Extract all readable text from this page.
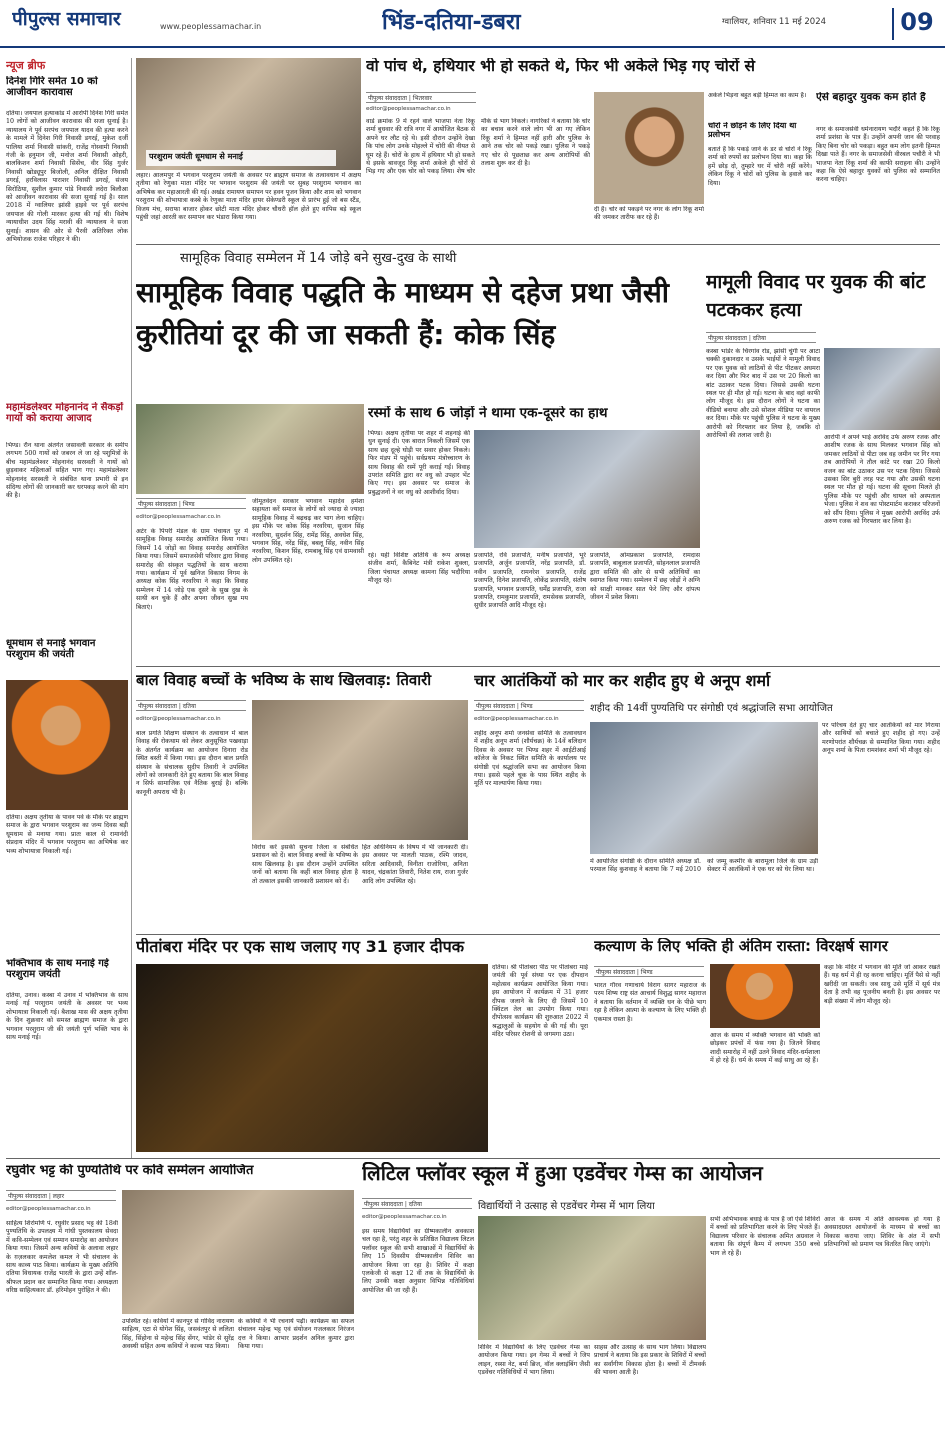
पीपुल्स समाचार	www.peoplessamachar.in	भिंड-दतिया-डबरा	ग्वालियर, शनिवार 11 मई 2024	09
न्यूज ब्रीफ
दिनेश गिरि समेत 10 को आजीवन कारावास
दतिया। जयपाल हत्याकांड में आरोपी दिनेश गिरी समेत 10 लोगों को आजीवन कारावास की सजा सुनाई है। न्यायालय ने पूर्व सरपंच जयपाल यादव की हत्या करने के मामले में दिनेश गिरी निवासी डगरई, मुकेश दर्जी पालिया शर्मा निवासी सांकरी, राजेंद्र गोस्वामी निवासी गंजी के हनुमान जी, मनोज शर्मा निवासी ओहरी, बालकिशन शर्मा निवासी सिसेंच, वीर सिंह गुर्जर निवासी खोड्यूपुर बिजोली, अनिल दीक्षित निवासी डगरई, हरविलास पाराशर निवासी डगरई, संजय सिरोठिया, सुशील कुमार पांडे निवासी लदेरा बिलौआ को आजीवन कारावास की सजा सुनाई गई है। साल 2018 में ग्वालियर झांसी हाइवे पर पूर्व सरपंच जयपाल की गोली मारकर हत्या की गई थी। विशेष न्यायाधीश उदय सिंह मरावी की न्यायालय ने सजा सुनाई। शासन की ओर से पैरवी अतिरिक्त लोक अभियोजक राजेश परिहार ने की।
महामंडलेश्वर मोहनानंद ने सैकड़ों गायों को कराया आजाद
भिण्ड। रौन थाना अंतर्गत जसावली सरकार के समीप लगभग 500 गायों को जबरन ले जा रहे पशुमित्रों के बीच महामंडलेश्वर मोहनानंद सरस्वती ने गायों को छुड़वाकर महिलाओं सहित भाग गए। महामंडलेश्वर मोहनानंद सरस्वती ने संबंधित थाना प्रभारी से इन संदिग्ध लोगों की जानकारी कर धरपकड़ करने की मांग की है।
धूमधाम से मनाई भगवान परशुराम की जयंती
दतिया। अक्षय तृतीया के पावन पर्व के मौके पर ब्राह्मण समाज के द्वारा भगवान परशुराम का जन्म दिवस बड़ी धूमधाम से मनाया गया। प्रातः काल से रामानंदी संप्रदाय मंदिर में भगवान परशुराम का अभिषेक कर भव्य शोभायात्रा निकाली गई।
भक्तिभाव के साथ मनाई गई परशुराम जयंती
दतिया, उनाव। कस्बा में उनाव में भक्तिभाव के साथ मनाई गई परशुराम जयंती के अवसर पर भव्य शोभायात्रा निकाली गई। बैशाख मास की अक्षय तृतीया के दिन शुक्रवार को समस्त ब्राह्मण समाज के द्वारा भगवान परशुराम जी की जयंती पूर्ण भक्ति भाव के साथ मनाई गई।
परशुराम जयंती धूमधाम से मनाई
लहार। आलमपुर में भगवान परशुराम जयंती के अवसर पर ब्राह्मण समाज के तत्वावधान में अक्षय तृतीया को रेणुका माता मंदिर पर भगवान परशुराम की जयंती पर सुबह परशुराम भगवान का अभिषेक कर महाआरती की गई। अखंड रामायण समापन पर हवन पूजन किया और शाम को भगवान परशुराम की शोभायात्रा कस्बे के रेणुका माता मंदिर हायर सेकेण्डरी स्कूल से प्रारंभ हुई जो बस स्टैंड, विजय मंच, सराफा बाजार होकर छोटी माता मंदिर होकर चौधरी हॉल होते हुए वापिस बड़े स्कूल पहुंची जहां आरती कर समापन कर भंडारा किया गया।
वो पांच थे, हथियार भी हो सकते थे, फिर भी अकेले भिड़ गए चोरों से
पीपुल्स संवाददाता | भितरवार
editor@peoplessamachar.co.in
वार्ड क्रमांक 9 में रहने वाले भाजपा नेता रिंकू शर्मा बुधवार की रात्रि नगर में आयोजित बैठक से अपने घर लौट रहे थे। इसी दौरान उन्होंने देखा कि पांच लोग उनके मोहल्ले में चोरी की नीयत से घूम रहे हैं। चोरों के हाथ में हथियार भी हो सकते थे इसके बावजूद रिंकू शर्मा अकेले ही चोरों से भिड़ गए और एक चोर को पकड़ लिया। शेष चोर मौके से भाग निकले। नागरिकों ने बताया कि चोर का बचाव करने वाले लोग भी आ गए लेकिन रिंकू शर्मा ने हिम्मत नहीं हारी और पुलिस के आने तक चोर को पकड़े रखा। पुलिस ने पकड़े गए चोर से पूछताछ कर अन्य आरोपियों की तलाश शुरू कर दी है।
दी है। चोर को पकड़ने पर नगर के लोग रिंकू शर्मा की जमकर तारीफ कर रहे हैं।
अकेले भिड़ना बहुत बड़ी हिम्मत का काम है।
चोरों ने छोड़ने के लिए दिया था प्रलोभन
बताते हैं कि पकड़े जाने के डर से चोरों ने रिंकू शर्मा को रुपयों का प्रलोभन दिया था। कहा कि हमें छोड़ दो, तुम्हारे घर में चोरी नहीं करेंगे। लेकिन रिंकू ने चोरों को पुलिस के हवाले कर दिया।
ऐसे बहादुर युवक कम होते हैं
नगर के समाजसेवी धर्मनारायण भदौरे कहते हैं कि रिंकू शर्मा प्रशंसा के पात्र हैं। उन्होंने अपनी जान की परवाह किए बिना चोर को पकड़ा। बहुत कम लोग इतनी हिम्मत दिखा पाते हैं। नगर के समाजसेवी वीरबल पचौरी ने भी भाजपा नेता रिंकू शर्मा की काफी सराहना की। उन्होंने कहा कि ऐसे बहादुर युवकों को पुलिस को सम्मानित करना चाहिए।
सामूहिक विवाह सम्मेलन में 14 जोड़े बने सुख-दुख के साथी
सामूहिक विवाह पद्धति के माध्यम से दहेज प्रथा जैसी कुरीतियां दूर की जा सकती हैं: कोक सिंह
पीपुल्स संवाददाता | भिण्ड
editor@peoplessamachar.co.in
अटेर के पिपरी मंडल के ग्राम पंचायत पुर में सामूहिक विवाह समारोह आयोजित किया गया। जिसमें 14 जोड़ों का विवाह समारोह आयोजित किया गया। जिसमें समाजसेवी परिवार द्वारा विवाह समारोह की संस्कृत पद्धतियों के साथ कराया गया। कार्यक्रम में पूर्व खनिज विकास निगम के अध्यक्ष कोक सिंह नरवरिया ने कहा कि विवाह सम्मेलन में 14 जोड़े एक दूसरे के सुख दुख के साथी बन चुके हैं और अपना जीवन सुख मय बिताएं।
जीमूतवेदन सरकार भगवान महादेव हमेशा सहायता करें समाज के लोगों को ज्यादा से ज्यादा सामूहिक विवाह में बढ़चढ़ कर भाग लेना चाहिए। इस मौके पर कोक सिंह नरवरिया, सुजान सिंह नरवरिया, सुदर्शन सिंह, रामेंद्र सिंह, अवधेश सिंह, भगवान सिंह, नरेंद्र सिंह, बबलू सिंह, नवीन सिंह नरवरिया, किशन सिंह, रामबाबू सिंह एवं ग्रामवासी लोग उपस्थित रहे।
रस्मों के साथ 6 जोड़ों ने थामा एक-दूसरे का हाथ
भिण्ड। अक्षय तृतीया पर शहर में शहनाई की धुन सुनाई दी। एक बारात निकली जिसमें एक साथ छह दूल्हे घोड़ी पर सवार होकर निकले। फिर मंडप में पहुंचे। सर्वप्रथम मंत्रोच्चारण के साथ विवाह की रस्में पूरी कराई गईं। विवाह उपरांत समिति द्वारा वर वधु को उपहार भेंट किए गए। इस अवसर पर समाज के प्रबुद्धजनों ने वर वधु को आशीर्वाद दिया।
रहे। यहीं विशिष्ट अतिथि के रूप अध्यक्ष संजीव शर्मा, कैबिनेट मंत्री राकेश शुक्ला, जिला पंचायत अध्यक्ष कामना सिंह भदौरिया मौजूद रहे।
प्रजापति, रवि प्रजापति, मनीष प्रजापति, भूरे प्रजापति, अर्जुन प्रजापति, नरेंद्र प्रजापति, डॉ. नवीन प्रजापति, रामनरेश प्रजापति, राजेंद्र प्रजापति, दिनेश प्रजापति, लोकेंद्र प्रजापति, संतोष प्रजापति, भगवान प्रजापति, धर्मेंद्र प्रजापति, राजा प्रजापति, रामकुमार प्रजापति, रामसेवक प्रजापति, सुधीर प्रजापति आदि मौजूद रहे।
प्रजापति, ओमप्रकाश प्रजापति, रामदास प्रजापति, बाबूलाल प्रजापति, सोहनलाल प्रजापति द्वारा समिति की ओर से सभी अतिथियों का स्वागत किया गया। सम्मेलन में छह जोड़ों ने अग्नि को साक्षी मानकर सात फेरे लिए और दांपत्य जीवन में प्रवेश किया।
मामूली विवाद पर युवक की बांट पटककर हत्या
पीपुल्स संवाददाता | दतिया
कस्बा भांडेर के चिरगांव रोड, झांसी चुंगी पर आटा चक्की दुकानदार व उसके भाईयों ने मामूली विवाद पर एक युवक को लाठियों से पीट पीटकर अधमरा कर दिया और फिर बाद में उस पर 20 किलो का बांट उठाकर पटक दिया। जिससे उसकी घटना स्थल पर ही मौत हो गई। घटना के बाद वहां काफी लोग मौजूद थे। इस दौरान लोगों ने घटना का वीडियो बनाया और उसे सोशल मीडिया पर वायरल कर दिया। मौके पर पहुंची पुलिस ने घटना के मुख्य आरोपी को गिरफ्तार कर लिया है, जबकि दो आरोपियों की तलाश जारी है।	आरोपी ने अपने भाई अरविंद उर्फ अरुण रजक और आशीष रजक के साथ मिलकर भगवान सिंह को जमकर लाठियों से पीटा जब वह जमीन पर गिर गया तब आरोपियों ने तौल कांटे पर रखा 20 किलो वजन का बांट उठाकर उस पर पटक दिया। जिससे उसका सिर बुरी तरह फट गया और उसकी घटना स्थल पर मौत हो गई। घटना की सूचना मिलते ही पुलिस मौके पर पहुंची और घायल को अस्पताल भेजा। पुलिस ने शव का पोस्टमार्टम कराकर परिजनों को सौंप दिया। पुलिस ने मुख्य आरोपी अरविंद उर्फ अरुण रजक को गिरफ्तार कर लिया है।
बाल विवाह बच्चों के भविष्य के साथ खिलवाड़: तिवारी
पीपुल्स संवाददाता | दतिया
editor@peoplessamachar.co.in
बाल प्रगति शिक्षण संस्थान के तत्वाधान में बाल विवाह की रोकथाम को लेकर अनुसूचित पखवाड़ा के अंतर्गत कार्यक्रम का आयोजन दिनारा रोड स्थित बस्ती में किया गया। इस दौरान बाल प्रगति संस्थान के संचालक सुदीप तिवारी ने उपस्थित लोगों को जानकारी देते हुए बताया कि बाल विवाह न सिर्फ सामाजिक एवं नैतिक बुराई है। बल्कि कानूनी अपराध भी है।
विरोध करें इसकी सूचना जिला व संबंधित प्रशासन को दें। बाल विवाह बच्चों के भविष्य के साथ खिलवाड़ है। इस दौरान उन्होंने उपस्थित जनों को बताया कि कहीं बाल विवाह होता है तो तत्काल इसकी जानकारी प्रशासन को दें।
हित अधिनियम के विषय में भी जानकारी दी। इस अवसर पर मालती पाठक, रश्मि जादव, सरिता आदिवासी, विनीता राजोरिया, अनिता यादव, चंद्रकांता तिवारी, नितेश राय, राजा गुर्जर आदि लोग उपस्थित रहे।
चार आतंकियों को मार कर शहीद हुए थे अनूप शर्मा
पीपुल्स संवाददाता | भिण्ड
editor@peoplessamachar.co.in
शहीद की 14वीं पुण्यतिथि पर संगोष्ठी एवं श्रद्धांजलि सभा आयोजित
शहीद अनूप शर्मा जनसेवा समिति के तत्वावधान में शहीद अनूप शर्मा (शौर्यचक्र) के 14वें बलिदान दिवस के अवसर पर भिण्ड शहर में आईटीआई कॉलेज के निकट स्थित समिति के कार्यालय पर संगोष्ठी एवं श्रद्धांजलि सभा का आयोजन किया गया। इससे पहले चूक के पास स्थित शहीद के मूर्ति पर माल्यार्पण किया गया।
में आयोजित संगोष्ठी के दौरान समिति अध्यक्ष डॉ. परमाल सिंह कुशवाह ने बताया कि 7 मई 2010 को जम्मू कश्मीर के बारामूला जिले के ग्राम उड़ी सेक्टर में आतंकियों ने एक घर को घेर लिया था।
पर परिचय देते हुए चार आतंकियों को मार गिराया और साथियों को बचाते हुए शहीद हो गए। उन्हें मरणोपरांत शौर्यचक्र से सम्मानित किया गया। शहीद अनूप शर्मा के पिता रामशंकर शर्मा भी मौजूद रहे।
पीतांबरा मंदिर पर एक साथ जलाए गए 31 हजार दीपक
दतिया। श्री पीतांबरा पीठ पर पीतांबरा माई जयंती की पूर्व संध्या पर एक दीपदान महोत्सव कार्यक्रम आयोजित किया गया। इस आयोजन में कार्यक्रम में 31 हजार दीपक जलाने के लिए दी जिसमें 10 क्विंटल तेल का उपयोग किया गया। दीपोत्सव कार्यक्रम की शुरुआत 2022 में श्रद्धालुओं के सहयोग से की गई थी। पूरा मंदिर परिसर रोशनी से जगमगा उठा।
कल्याण के लिए भक्ति ही अंतिम रास्ता: विरक्षर्ष सागर
पीपुल्स संवाददाता | भिण्ड
भारत गौरव गणाचार्य विराग सागर महाराज के परम शिष्य राष्ट्र संत आचार्य विशुद्ध सागर महाराज ने बताया कि वर्तमान में व्यक्ति धन के पीछे भाग रहा है लेकिन आत्मा के कल्याण के लिए भक्ति ही एकमात्र रास्ता है।
आज के समय में व्यक्ति भगवान की भक्ति को छोड़कर प्रपंचों में फंस गया है। जितने विवाद शादी समारोह में नहीं उतने विवाद मंदिर-धर्मशाला में हो रहे हैं। धर्म के समय में कई साधु आ रहे हैं।
कहा कि मंदिर में भगवान की मूर्ति जो आकर रखते हैं। यह धर्म में ही रह करना चाहिए। मूर्ति पैसे से नहीं खरीदी जा सकती। जब साधु उसे मूर्ति में सूर्य मंत्र देता है तभी वह पूजनीय बनती है। इस अवसर पर बड़ी संख्या में लोग मौजूद रहे।
रघुवीर भट्ट की पुण्यतिथि पर कवि सम्मेलन आयोजित
पीपुल्स संवाददाता | लहार
editor@peoplessamachar.co.in
साहित्य शिरोमणि पं. रघुवीर प्रसाद भट्ट की 18वीं पुण्यतिथि के उपलक्ष्य में गांधी पुस्तकालय सेवदा में कवि-सम्मेलन एवं सम्मान समारोह का आयोजन किया गया। जिसमें अन्य कवियों के अलावा लहार के ग़ज़लकार कमलेश कमल ने भी संचालन के साथ काव्य पाठ किया। कार्यक्रम के मुख्य अतिथि दतिया विधायक राजेंद्र भारती के द्वारा उन्हें शॉल-श्रीफल प्रदान कर सम्मानित किया गया। अध्यक्षता वरिष्ठ साहित्यकार डॉ. हरिमोहन पुरोहित ने की।
उपस्थित रहे। कवियों में कानपुर से गोविंद नारायण साहित्य, एटा से योगेश सिंह, जसवंतपुर से ललिता सिंह, सिंहोना से महेन्द्र सिंह सेंगर, भांडेर से सुरेंद्र अवस्थी सहित अन्य कवियों ने काव्य पाठ किया।
के कवियों ने भी रचनायें पढ़ी। कार्यक्रम का सफल संचालन महेन्द्र भट्ट एवं संयोजन गजलकार निरंजन दत्त ने किया। आभार प्रदर्शन अनिल कुमार द्वारा किया गया।
लिटिल फ्लॉवर स्कूल में हुआ एडवेंचर गेम्स का आयोजन
पीपुल्स संवाददाता | दतिया
editor@peoplessamachar.co.in
विद्यार्थियों ने उत्साह से एडवेंचर गेम्स में भाग लिया
इस समय विद्यार्थियों का ग्रीष्मकालीन अवकाश चल रहा है, परंतु शहर के प्रतिष्ठित विद्यालय लिटल फ्लॉवर स्कूल की सभी शाखाओं में विद्यार्थियों के लिए 15 दिवसीय ग्रीष्मकालीन शिविर का आयोजन किया जा रहा है। शिविर में कक्षा एलकेजी से कक्षा 12 वीं तक के विद्यार्थियों के लिए उनकी कक्षा अनुसार विभिन्न गतिविधियां आयोजित की जा रही हैं।
शिविर में विद्यार्थियों के लिए एडवेंचर गेम्स का आयोजन किया गया। इन गेम्स में बच्चों ने जिप लाइन, रस्सा नेट, बर्मा ब्रिज, वॉल क्लाइंबिंग जैसी एडवेंचर गतिविधियों में भाग लिया।
साहस और उत्साह के साथ भाग लिया। विद्यालय प्राचार्य ने बताया कि इस प्रकार के शिविरों में बच्चों का सर्वांगीण विकास होता है। बच्चों में टीमवर्क की भावना आती है।
सभी अभिभावक बधाई के पात्र हैं जो ऐसे शिविरों में बच्चों को प्रतिभागिता करने के लिए भेजते हैं। विद्यालय परिवार के संचालक अमित अग्रवाल ने बताया कि संपूर्ण कैम्प में लगभग 350 बच्चे भाग ले रहे हैं।
आज के समय में अति आवश्यक हो गया है अवसादग्रस्त आयोजनों के माध्यम से बच्चों का विकास कराया जाए। शिविर के अंत में सभी प्रतिभागियों को प्रमाण पत्र वितरित किए जाएंगे।
